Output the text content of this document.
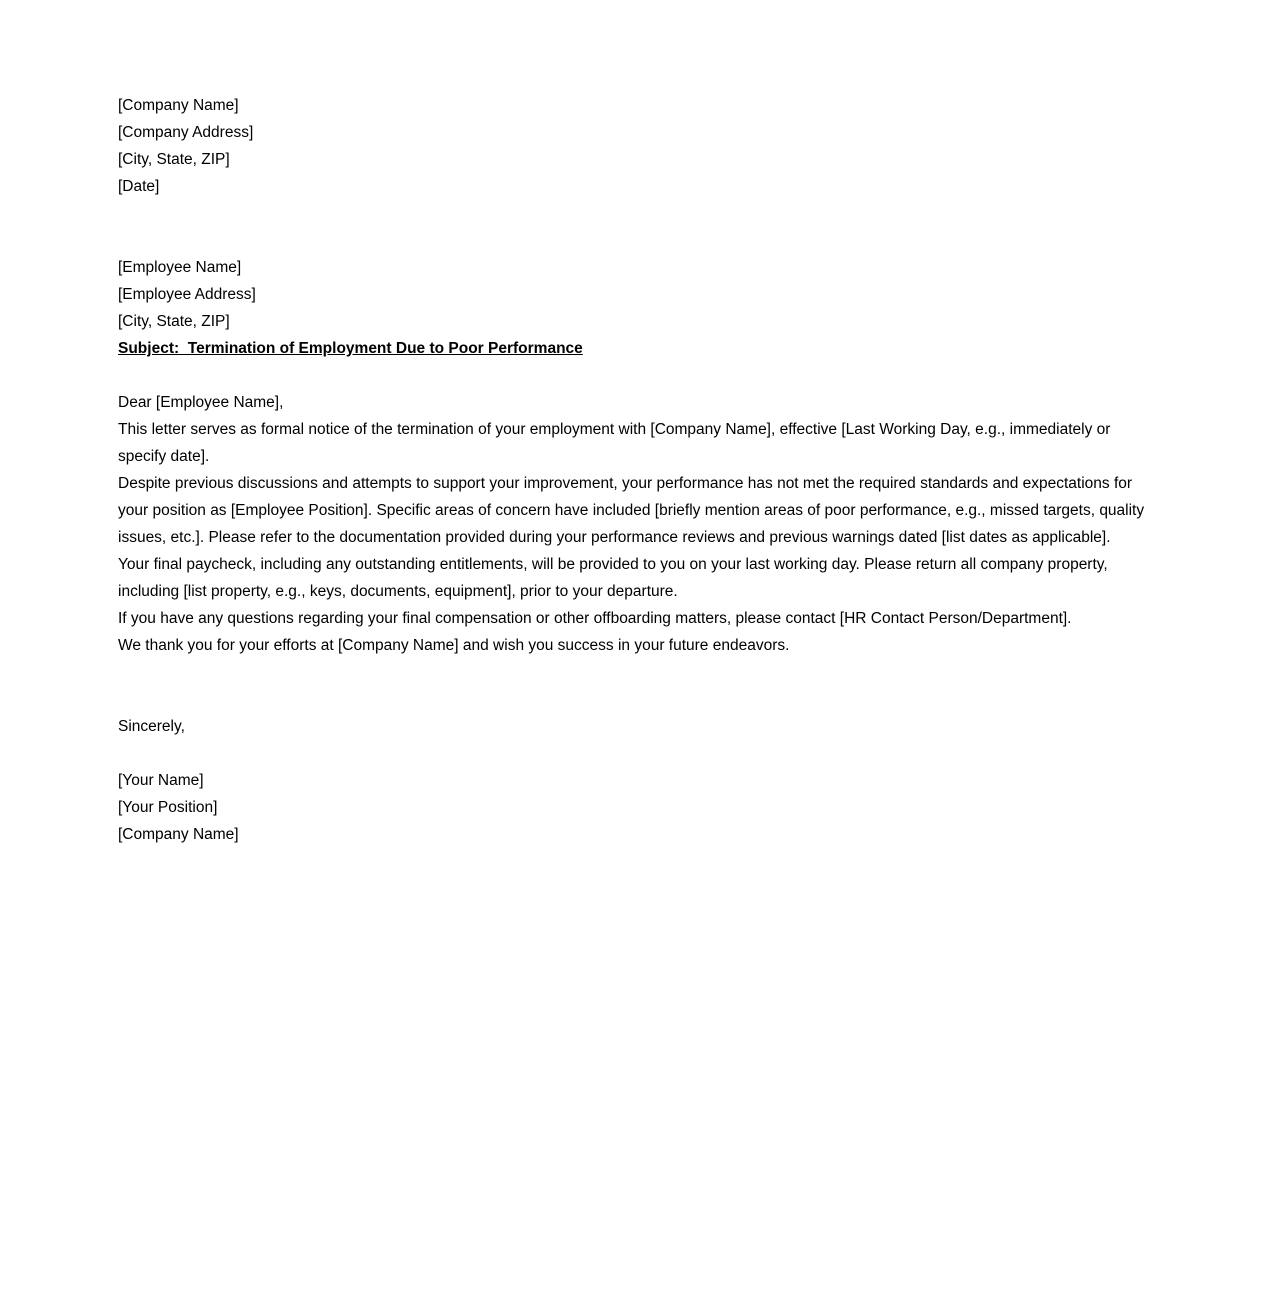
[Company Name]
[Company Address]
[City, State, ZIP]
[Date]
[Employee Name]
[Employee Address]
[City, State, ZIP]
Subject:  Termination of Employment Due to Poor Performance

Dear [Employee Name],

This letter serves as formal notice of the termination of your employment with [Company Name], effective [Last Working Day, e.g., immediately or specify date].

Despite previous discussions and attempts to support your improvement, your performance has not met the required standards and expectations for your position as [Employee Position]. Specific areas of concern have included [briefly mention areas of poor performance, e.g., missed targets, quality issues, etc.]. Please refer to the documentation provided during your performance reviews and previous warnings dated [list dates as applicable].

Your final paycheck, including any outstanding entitlements, will be provided to you on your last working day. Please return all company property, including [list property, e.g., keys, documents, equipment], prior to your departure.

If you have any questions regarding your final compensation or other offboarding matters, please contact [HR Contact Person/Department].

We thank you for your efforts at [Company Name] and wish you success in your future endeavors.

Sincerely,
[Your Name]
[Your Position]
[Company Name]
